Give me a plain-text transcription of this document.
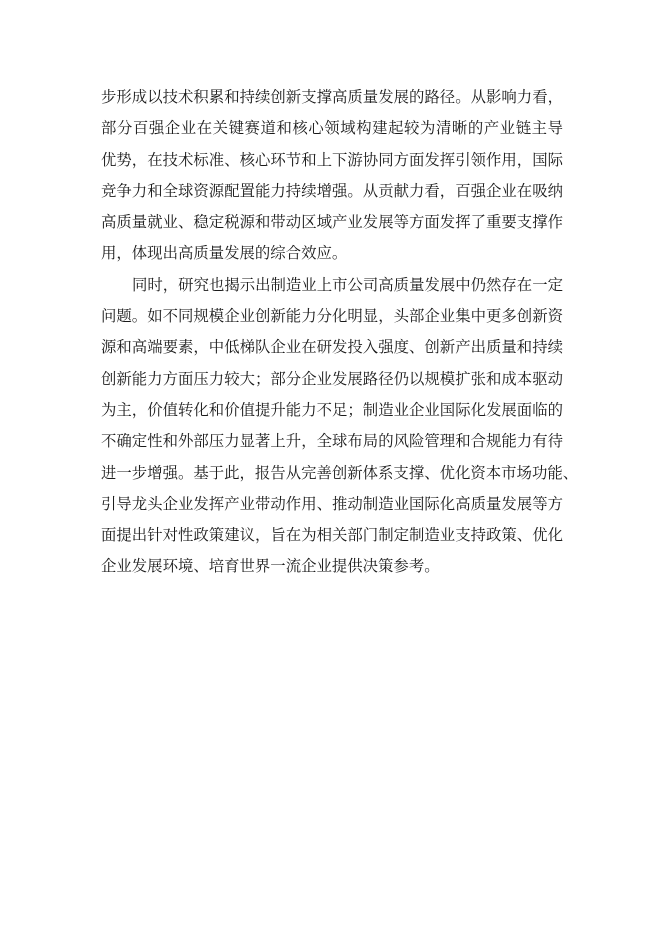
步形成以技术积累和持续创新支撑高质量发展的路径。从影响力看，
部分百强企业在关键赛道和核心领域构建起较为清晰的产业链主导
优势，在技术标准、核心环节和上下游协同方面发挥引领作用，国际
竞争力和全球资源配置能力持续增强。从贡献力看，百强企业在吸纳
高质量就业、稳定税源和带动区域产业发展等方面发挥了重要支撑作
用，体现出高质量发展的综合效应。
同时，研究也揭示出制造业上市公司高质量发展中仍然存在一定
问题。如不同规模企业创新能力分化明显，头部企业集中更多创新资
源和高端要素，中低梯队企业在研发投入强度、创新产出质量和持续
创新能力方面压力较大；部分企业发展路径仍以规模扩张和成本驱动
为主，价值转化和价值提升能力不足；制造业企业国际化发展面临的
不确定性和外部压力显著上升，全球布局的风险管理和合规能力有待
进一步增强。基于此，报告从完善创新体系支撑、优化资本市场功能、
引导龙头企业发挥产业带动作用、推动制造业国际化高质量发展等方
面提出针对性政策建议，旨在为相关部门制定制造业支持政策、优化
企业发展环境、培育世界一流企业提供决策参考。
